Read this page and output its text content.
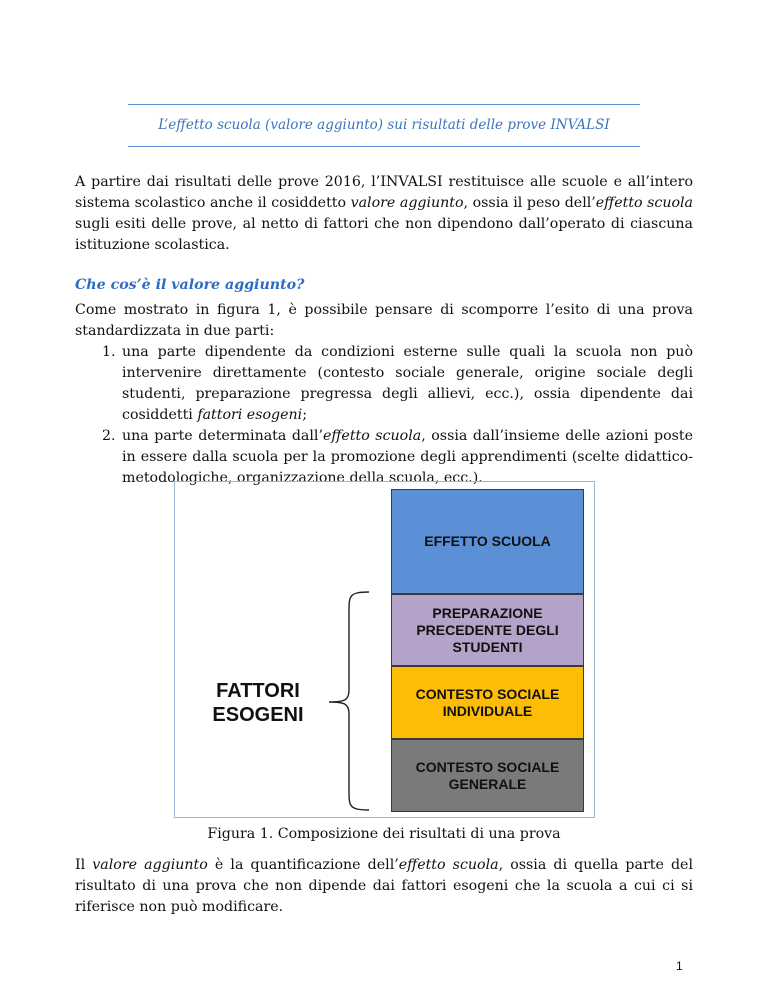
L’effetto scuola (valore aggiunto) sui risultati delle prove INVALSI

A partire dai risultati delle prove 2016, l’INVALSI restituisce alle scuole e all’intero sistema scolastico anche il cosiddetto valore aggiunto, ossia il peso dell’effetto scuola sugli esiti delle prove, al netto di fattori che non dipendono dall’operato di ciascuna istituzione scolastica.

Che cos’è il valore aggiunto?

Come mostrato in figura 1, è possibile pensare di scomporre l’esito di una prova standardizzata in due parti:

1. una parte dipendente da condizioni esterne sulle quali la scuola non può intervenire direttamente (contesto sociale generale, origine sociale degli studenti, preparazione pregressa degli allievi, ecc.), ossia dipendente dai cosiddetti fattori esogeni;
2. una parte determinata dall’effetto scuola, ossia dall’insieme delle azioni poste in essere dalla scuola per la promozione degli apprendimenti (scelte didattico-metodologiche, organizzazione della scuola, ecc.).
FATTORI ESOGENI
EFFETTO SCUOLA
PREPARAZIONE PRECEDENTE DEGLI STUDENTI
CONTESTO SOCIALE INDIVIDUALE
CONTESTO SOCIALE GENERALE
Figura 1. Composizione dei risultati di una prova

Il valore aggiunto è la quantificazione dell’effetto scuola, ossia di quella parte del risultato di una prova che non dipende dai fattori esogeni che la scuola a cui ci si riferisce non può modificare.

1
